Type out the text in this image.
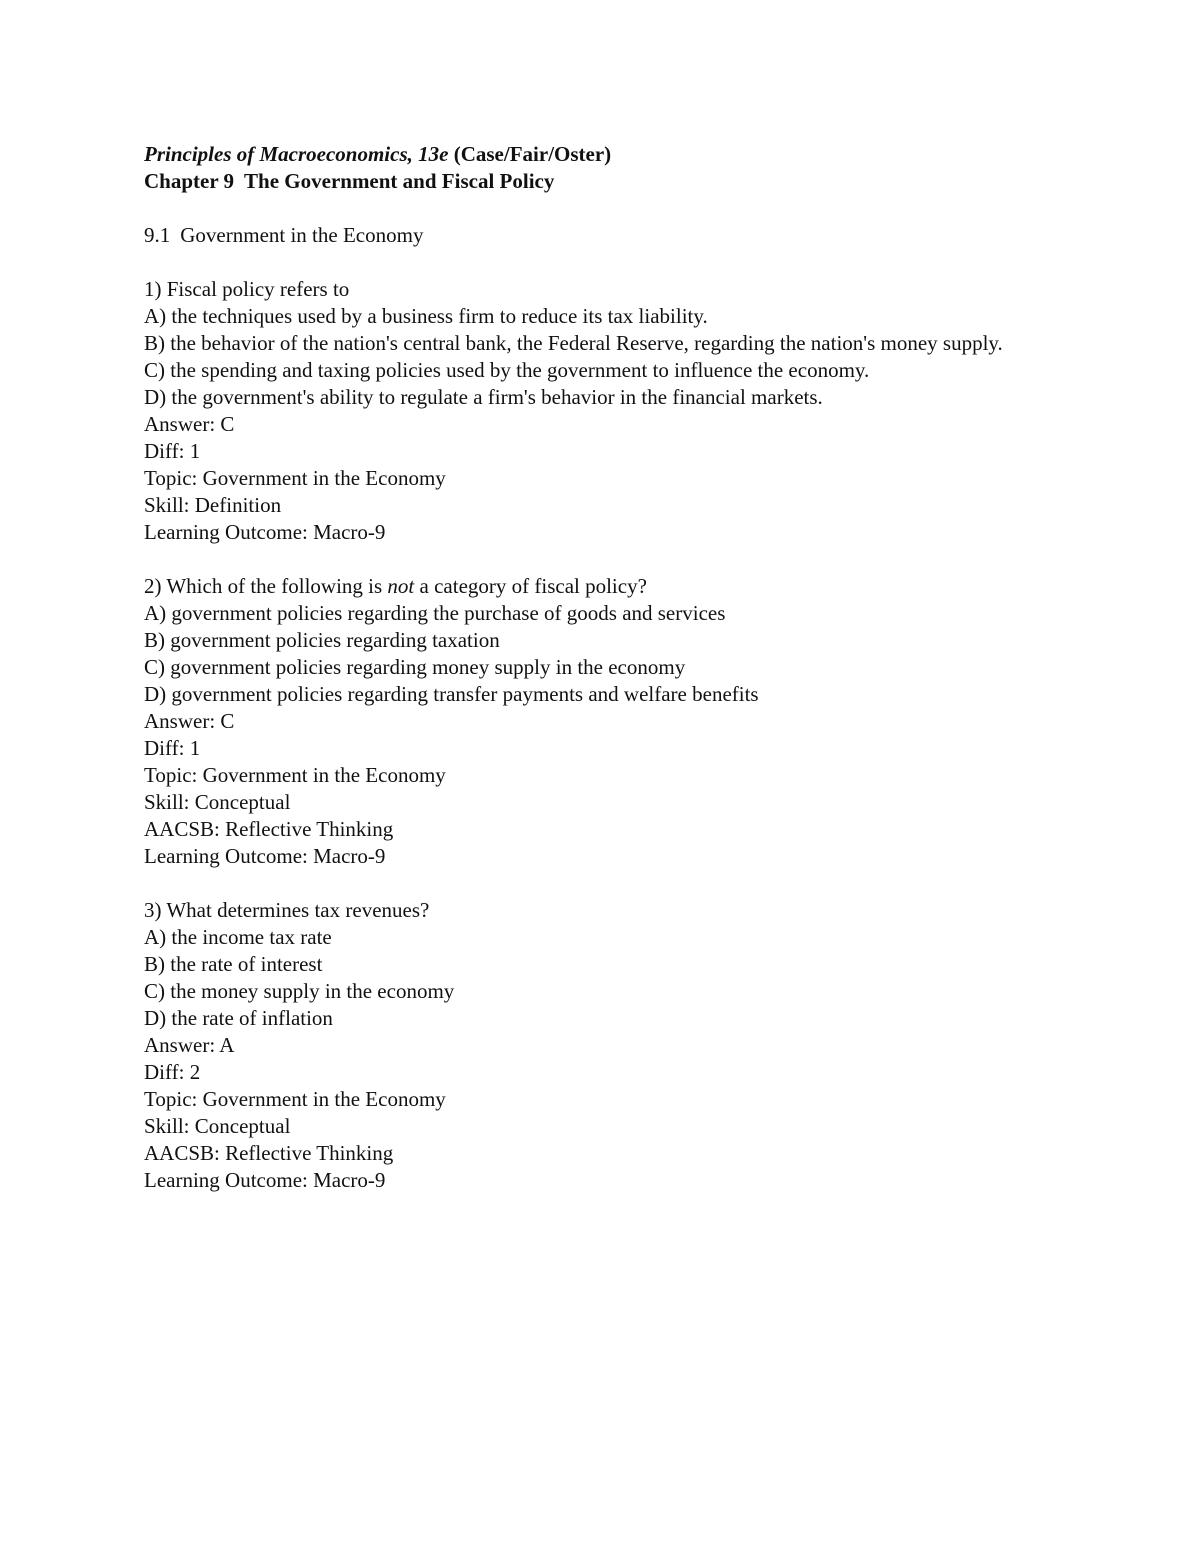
Principles of Macroeconomics, 13e (Case/Fair/Oster)
Chapter 9 The Government and Fiscal Policy
9.1 Government in the Economy
1) Fiscal policy refers to
A) the techniques used by a business firm to reduce its tax liability.
B) the behavior of the nation's central bank, the Federal Reserve, regarding the nation's money supply.
C) the spending and taxing policies used by the government to influence the economy.
D) the government's ability to regulate a firm's behavior in the financial markets.
Answer: C
Diff: 1
Topic: Government in the Economy
Skill: Definition
Learning Outcome: Macro-9
2) Which of the following is not a category of fiscal policy?
A) government policies regarding the purchase of goods and services
B) government policies regarding taxation
C) government policies regarding money supply in the economy
D) government policies regarding transfer payments and welfare benefits
Answer: C
Diff: 1
Topic: Government in the Economy
Skill: Conceptual
AACSB: Reflective Thinking
Learning Outcome: Macro-9
3) What determines tax revenues?
A) the income tax rate
B) the rate of interest
C) the money supply in the economy
D) the rate of inflation
Answer: A
Diff: 2
Topic: Government in the Economy
Skill: Conceptual
AACSB: Reflective Thinking
Learning Outcome: Macro-9
